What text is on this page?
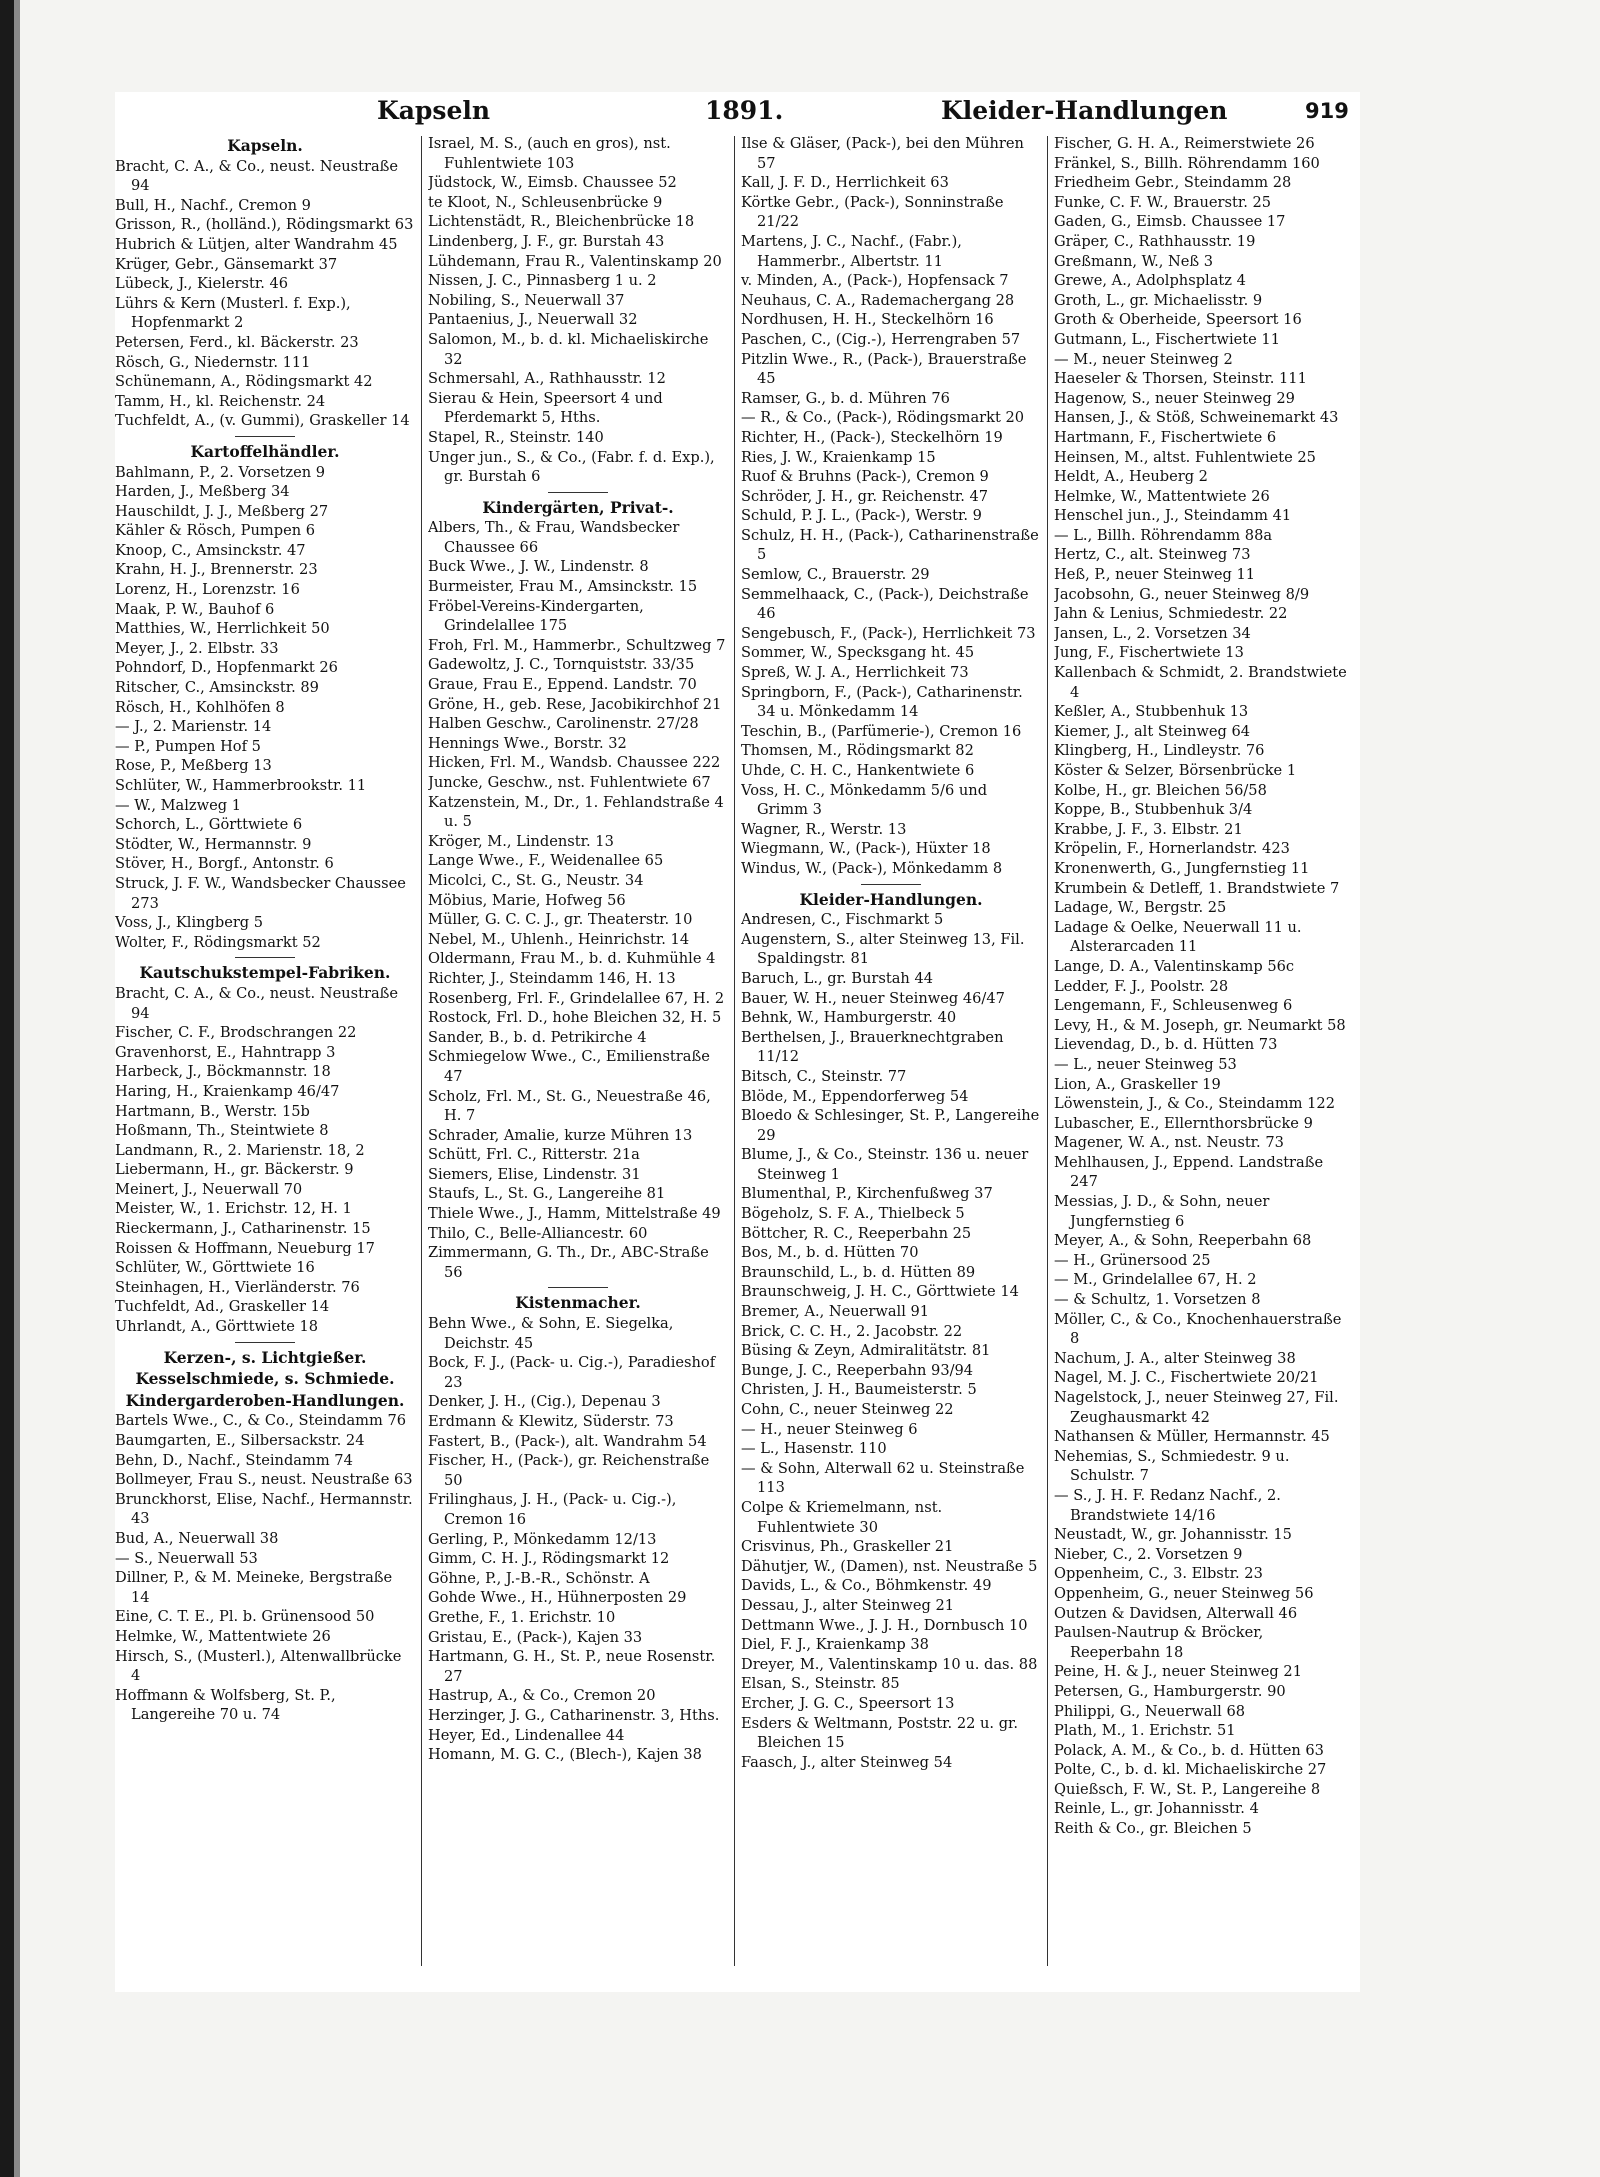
Kapseln	1891.	Kleider-Handlungen	919
Kapseln.

Bracht, C. A., & Co., neust. Neustraße 94

Bull, H., Nachf., Cremon 9

Grisson, R., (holländ.), Rödingsmarkt 63

Hubrich & Lütjen, alter Wandrahm 45

Krüger, Gebr., Gänsemarkt 37

Lübeck, J., Kielerstr. 46

Lührs & Kern (Musterl. f. Exp.), Hopfenmarkt 2

Petersen, Ferd., kl. Bäckerstr. 23

Rösch, G., Niedernstr. 111

Schünemann, A., Rödingsmarkt 42

Tamm, H., kl. Reichenstr. 24

Tuchfeldt, A., (v. Gummi), Graskeller 14

Kartoffelhändler.

Bahlmann, P., 2. Vorsetzen 9

Harden, J., Meßberg 34

Hauschildt, J. J., Meßberg 27

Kähler & Rösch, Pumpen 6

Knoop, C., Amsinckstr. 47

Krahn, H. J., Brennerstr. 23

Lorenz, H., Lorenzstr. 16

Maak, P. W., Bauhof 6

Matthies, W., Herrlichkeit 50

Meyer, J., 2. Elbstr. 33

Pohndorf, D., Hopfenmarkt 26

Ritscher, C., Amsinckstr. 89

Rösch, H., Kohlhöfen 8

— J., 2. Marienstr. 14

— P., Pumpen Hof 5

Rose, P., Meßberg 13

Schlüter, W., Hammerbrookstr. 11

— W., Malzweg 1

Schorch, L., Görttwiete 6

Stödter, W., Hermannstr. 9

Stöver, H., Borgf., Antonstr. 6

Struck, J. F. W., Wandsbecker Chaussee 273

Voss, J., Klingberg 5

Wolter, F., Rödingsmarkt 52

Kautschukstempel-Fabriken.

Bracht, C. A., & Co., neust. Neustraße 94

Fischer, C. F., Brodschrangen 22

Gravenhorst, E., Hahntrapp 3

Harbeck, J., Böckmannstr. 18

Haring, H., Kraienkamp 46/47

Hartmann, B., Werstr. 15b

Hoßmann, Th., Steintwiete 8

Landmann, R., 2. Marienstr. 18, 2

Liebermann, H., gr. Bäckerstr. 9

Meinert, J., Neuerwall 70

Meister, W., 1. Erichstr. 12, H. 1

Rieckermann, J., Catharinenstr. 15

Roissen & Hoffmann, Neueburg 17

Schlüter, W., Görttwiete 16

Steinhagen, H., Vierländerstr. 76

Tuchfeldt, Ad., Graskeller 14

Uhrlandt, A., Görttwiete 18

Kerzen-, s. Lichtgießer.
Kesselschmiede, s. Schmiede.
Kindergarderoben-Handlungen.

Bartels Wwe., C., & Co., Steindamm 76

Baumgarten, E., Silbersackstr. 24

Behn, D., Nachf., Steindamm 74

Bollmeyer, Frau S., neust. Neustraße 63

Brunckhorst, Elise, Nachf., Hermannstr. 43

Bud, A., Neuerwall 38

— S., Neuerwall 53

Dillner, P., & M. Meineke, Bergstraße 14

Eine, C. T. E., Pl. b. Grünensood 50

Helmke, W., Mattentwiete 26

Hirsch, S., (Musterl.), Altenwallbrücke 4

Hoffmann & Wolfsberg, St. P., Langereihe 70 u. 74

Israel, M. S., (auch en gros), nst. Fuhlentwiete 103

Jüdstock, W., Eimsb. Chaussee 52

te Kloot, N., Schleusenbrücke 9

Lichtenstädt, R., Bleichenbrücke 18

Lindenberg, J. F., gr. Burstah 43

Lühdemann, Frau R., Valentinskamp 20

Nissen, J. C., Pinnasberg 1 u. 2

Nobiling, S., Neuerwall 37

Pantaenius, J., Neuerwall 32

Salomon, M., b. d. kl. Michaeliskirche 32

Schmersahl, A., Rathhausstr. 12

Sierau & Hein, Speersort 4 und Pferdemarkt 5, Hths.

Stapel, R., Steinstr. 140

Unger jun., S., & Co., (Fabr. f. d. Exp.), gr. Burstah 6

Kindergärten, Privat-.

Albers, Th., & Frau, Wandsbecker Chaussee 66

Buck Wwe., J. W., Lindenstr. 8

Burmeister, Frau M., Amsinckstr. 15

Fröbel-Vereins-Kindergarten, Grindelallee 175

Froh, Frl. M., Hammerbr., Schultzweg 7

Gadewoltz, J. C., Tornquiststr. 33/35

Graue, Frau E., Eppend. Landstr. 70

Gröne, H., geb. Rese, Jacobikirchhof 21

Halben Geschw., Carolinenstr. 27/28

Hennings Wwe., Borstr. 32

Hicken, Frl. M., Wandsb. Chaussee 222

Juncke, Geschw., nst. Fuhlentwiete 67

Katzenstein, M., Dr., 1. Fehlandstraße 4 u. 5

Kröger, M., Lindenstr. 13

Lange Wwe., F., Weidenallee 65

Micolci, C., St. G., Neustr. 34

Möbius, Marie, Hofweg 56

Müller, G. C. C. J., gr. Theaterstr. 10

Nebel, M., Uhlenh., Heinrichstr. 14

Oldermann, Frau M., b. d. Kuhmühle 4

Richter, J., Steindamm 146, H. 13

Rosenberg, Frl. F., Grindelallee 67, H. 2

Rostock, Frl. D., hohe Bleichen 32, H. 5

Sander, B., b. d. Petrikirche 4

Schmiegelow Wwe., C., Emilienstraße 47

Scholz, Frl. M., St. G., Neuestraße 46, H. 7

Schrader, Amalie, kurze Mühren 13

Schütt, Frl. C., Ritterstr. 21a

Siemers, Elise, Lindenstr. 31

Staufs, L., St. G., Langereihe 81

Thiele Wwe., J., Hamm, Mittelstraße 49

Thilo, C., Belle-Alliancestr. 60

Zimmermann, G. Th., Dr., ABC-Straße 56

Kistenmacher.

Behn Wwe., & Sohn, E. Siegelka, Deichstr. 45

Bock, F. J., (Pack- u. Cig.-), Paradieshof 23

Denker, J. H., (Cig.), Depenau 3

Erdmann & Klewitz, Süderstr. 73

Fastert, B., (Pack-), alt. Wandrahm 54

Fischer, H., (Pack-), gr. Reichenstraße 50

Frilinghaus, J. H., (Pack- u. Cig.-), Cremon 16

Gerling, P., Mönkedamm 12/13

Gimm, C. H. J., Rödingsmarkt 12

Göhne, P., J.-B.-R., Schönstr. A

Gohde Wwe., H., Hühnerposten 29

Grethe, F., 1. Erichstr. 10

Gristau, E., (Pack-), Kajen 33

Hartmann, G. H., St. P., neue Rosenstr. 27

Hastrup, A., & Co., Cremon 20

Herzinger, J. G., Catharinenstr. 3, Hths.

Heyer, Ed., Lindenallee 44

Homann, M. G. C., (Blech-), Kajen 38

Ilse & Gläser, (Pack-), bei den Mühren 57

Kall, J. F. D., Herrlichkeit 63

Körtke Gebr., (Pack-), Sonninstraße 21/22

Martens, J. C., Nachf., (Fabr.), Hammerbr., Albertstr. 11

v. Minden, A., (Pack-), Hopfensack 7

Neuhaus, C. A., Rademachergang 28

Nordhusen, H. H., Steckelhörn 16

Paschen, C., (Cig.-), Herrengraben 57

Pitzlin Wwe., R., (Pack-), Brauerstraße 45

Ramser, G., b. d. Mühren 76

— R., & Co., (Pack-), Rödingsmarkt 20

Richter, H., (Pack-), Steckelhörn 19

Ries, J. W., Kraienkamp 15

Ruof & Bruhns (Pack-), Cremon 9

Schröder, J. H., gr. Reichenstr. 47

Schuld, P. J. L., (Pack-), Werstr. 9

Schulz, H. H., (Pack-), Catharinenstraße 5

Semlow, C., Brauerstr. 29

Semmelhaack, C., (Pack-), Deichstraße 46

Sengebusch, F., (Pack-), Herrlichkeit 73

Sommer, W., Specksgang ht. 45

Spreß, W. J. A., Herrlichkeit 73

Springborn, F., (Pack-), Catharinenstr. 34 u. Mönkedamm 14

Teschin, B., (Parfümerie-), Cremon 16

Thomsen, M., Rödingsmarkt 82

Uhde, C. H. C., Hankentwiete 6

Voss, H. C., Mönkedamm 5/6 und Grimm 3

Wagner, R., Werstr. 13

Wiegmann, W., (Pack-), Hüxter 18

Windus, W., (Pack-), Mönkedamm 8

Kleider-Handlungen.

Andresen, C., Fischmarkt 5

Augenstern, S., alter Steinweg 13, Fil. Spaldingstr. 81

Baruch, L., gr. Burstah 44

Bauer, W. H., neuer Steinweg 46/47

Behnk, W., Hamburgerstr. 40

Berthelsen, J., Brauerknechtgraben 11/12

Bitsch, C., Steinstr. 77

Blöde, M., Eppendorferweg 54

Bloedo & Schlesinger, St. P., Langereihe 29

Blume, J., & Co., Steinstr. 136 u. neuer Steinweg 1

Blumenthal, P., Kirchenfußweg 37

Bögeholz, S. F. A., Thielbeck 5

Böttcher, R. C., Reeperbahn 25

Bos, M., b. d. Hütten 70

Braunschild, L., b. d. Hütten 89

Braunschweig, J. H. C., Görttwiete 14

Bremer, A., Neuerwall 91

Brick, C. C. H., 2. Jacobstr. 22

Büsing & Zeyn, Admiralitätstr. 81

Bunge, J. C., Reeperbahn 93/94

Christen, J. H., Baumeisterstr. 5

Cohn, C., neuer Steinweg 22

— H., neuer Steinweg 6

— L., Hasenstr. 110

— & Sohn, Alterwall 62 u. Steinstraße 113

Colpe & Kriemelmann, nst. Fuhlentwiete 30

Crisvinus, Ph., Graskeller 21

Dähutjer, W., (Damen), nst. Neustraße 5

Davids, L., & Co., Böhmkenstr. 49

Dessau, J., alter Steinweg 21

Dettmann Wwe., J. J. H., Dornbusch 10

Diel, F. J., Kraienkamp 38

Dreyer, M., Valentinskamp 10 u. das. 88

Elsan, S., Steinstr. 85

Ercher, J. G. C., Speersort 13

Esders & Weltmann, Poststr. 22 u. gr. Bleichen 15

Faasch, J., alter Steinweg 54

Fischer, G. H. A., Reimerstwiete 26

Fränkel, S., Billh. Röhrendamm 160

Friedheim Gebr., Steindamm 28

Funke, C. F. W., Brauerstr. 25

Gaden, G., Eimsb. Chaussee 17

Gräper, C., Rathhausstr. 19

Greßmann, W., Neß 3

Grewe, A., Adolphsplatz 4

Groth, L., gr. Michaelisstr. 9

Groth & Oberheide, Speersort 16

Gutmann, L., Fischertwiete 11

— M., neuer Steinweg 2

Haeseler & Thorsen, Steinstr. 111

Hagenow, S., neuer Steinweg 29

Hansen, J., & Stöß, Schweinemarkt 43

Hartmann, F., Fischertwiete 6

Heinsen, M., altst. Fuhlentwiete 25

Heldt, A., Heuberg 2

Helmke, W., Mattentwiete 26

Henschel jun., J., Steindamm 41

— L., Billh. Röhrendamm 88a

Hertz, C., alt. Steinweg 73

Heß, P., neuer Steinweg 11

Jacobsohn, G., neuer Steinweg 8/9

Jahn & Lenius, Schmiedestr. 22

Jansen, L., 2. Vorsetzen 34

Jung, F., Fischertwiete 13

Kallenbach & Schmidt, 2. Brandstwiete 4

Keßler, A., Stubbenhuk 13

Kiemer, J., alt Steinweg 64

Klingberg, H., Lindleystr. 76

Köster & Selzer, Börsenbrücke 1

Kolbe, H., gr. Bleichen 56/58

Koppe, B., Stubbenhuk 3/4

Krabbe, J. F., 3. Elbstr. 21

Kröpelin, F., Hornerlandstr. 423

Kronenwerth, G., Jungfernstieg 11

Krumbein & Detleff, 1. Brandstwiete 7

Ladage, W., Bergstr. 25

Ladage & Oelke, Neuerwall 11 u. Alsterarcaden 11

Lange, D. A., Valentinskamp 56c

Ledder, F. J., Poolstr. 28

Lengemann, F., Schleusenweg 6

Levy, H., & M. Joseph, gr. Neumarkt 58

Lievendag, D., b. d. Hütten 73

— L., neuer Steinweg 53

Lion, A., Graskeller 19

Löwenstein, J., & Co., Steindamm 122

Lubascher, E., Ellernthorsbrücke 9

Magener, W. A., nst. Neustr. 73

Mehlhausen, J., Eppend. Landstraße 247

Messias, J. D., & Sohn, neuer Jungfernstieg 6

Meyer, A., & Sohn, Reeperbahn 68

— H., Grünersood 25

— M., Grindelallee 67, H. 2

— & Schultz, 1. Vorsetzen 8

Möller, C., & Co., Knochenhauerstraße 8

Nachum, J. A., alter Steinweg 38

Nagel, M. J. C., Fischertwiete 20/21

Nagelstock, J., neuer Steinweg 27, Fil. Zeughausmarkt 42

Nathansen & Müller, Hermannstr. 45

Nehemias, S., Schmiedestr. 9 u. Schulstr. 7

— S., J. H. F. Redanz Nachf., 2. Brandstwiete 14/16

Neustadt, W., gr. Johannisstr. 15

Nieber, C., 2. Vorsetzen 9

Oppenheim, C., 3. Elbstr. 23

Oppenheim, G., neuer Steinweg 56

Outzen & Davidsen, Alterwall 46

Paulsen-Nautrup & Bröcker, Reeperbahn 18

Peine, H. & J., neuer Steinweg 21

Petersen, G., Hamburgerstr. 90

Philippi, G., Neuerwall 68

Plath, M., 1. Erichstr. 51

Polack, A. M., & Co., b. d. Hütten 63

Polte, C., b. d. kl. Michaeliskirche 27

Quießsch, F. W., St. P., Langereihe 8

Reinle, L., gr. Johannisstr. 4

Reith & Co., gr. Bleichen 5
